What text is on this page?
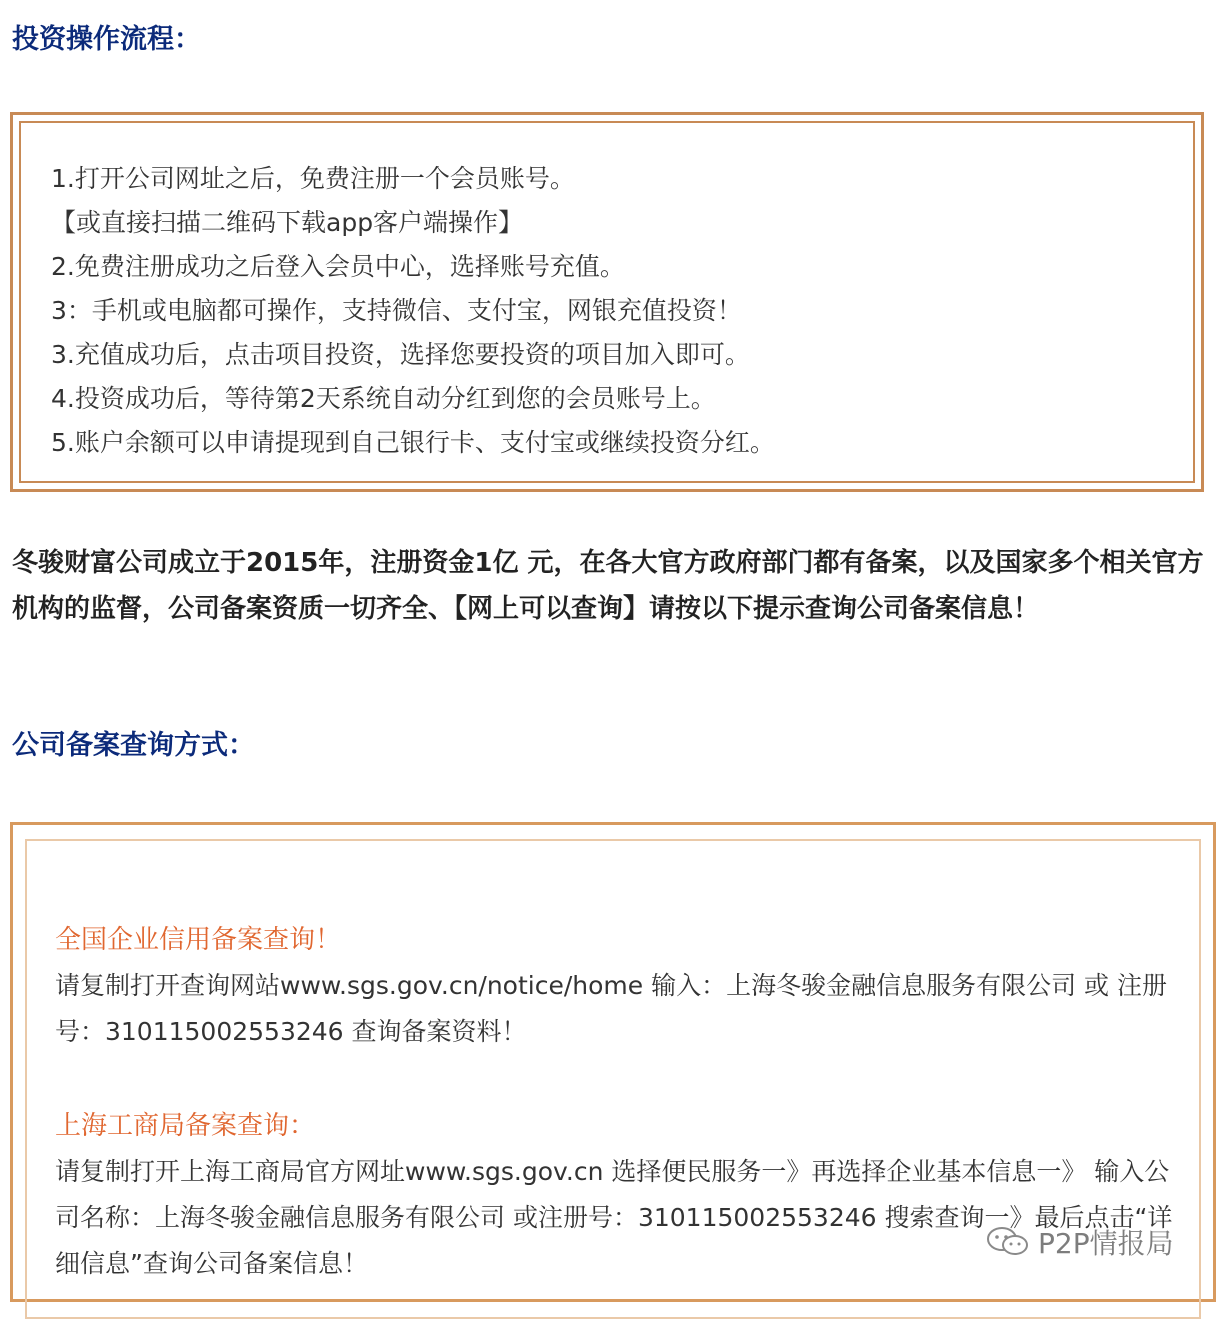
投资操作流程：
1.打开公司网址之后，免费注册一个会员账号。
【或直接扫描二维码下载app客户端操作】
2.免费注册成功之后登入会员中心，选择账号充值。
3：手机或电脑都可操作，支持微信、支付宝，网银充值投资！
3.充值成功后，点击项目投资，选择您要投资的项目加入即可。
4.投资成功后，等待第2天系统自动分红到您的会员账号上。
5.账户余额可以申请提现到自己银行卡、支付宝或继续投资分红。

冬骏财富公司成立于2015年，注册资金1亿 元，在各大官方政府部门都有备案，以及国家多个相关官方机构的监督，公司备案资质一切齐全、【网上可以查询】请按以下提示查询公司备案信息！

公司备案查询方式：

全国企业信用备案查询！

请复制打开查询网站www.sgs.gov.cn/notice/home 输入：上海冬骏金融信息服务有限公司 或 注册号：310115002553246 查询备案资料！

上海工商局备案查询：

请复制打开上海工商局官方网址www.sgs.gov.cn 选择便民服务一》再选择企业基本信息一》 输入公司名称：上海冬骏金融信息服务有限公司 或注册号：310115002553246 搜索查询一》最后点击“详细信息”查询公司备案信息！

P2P情报局
